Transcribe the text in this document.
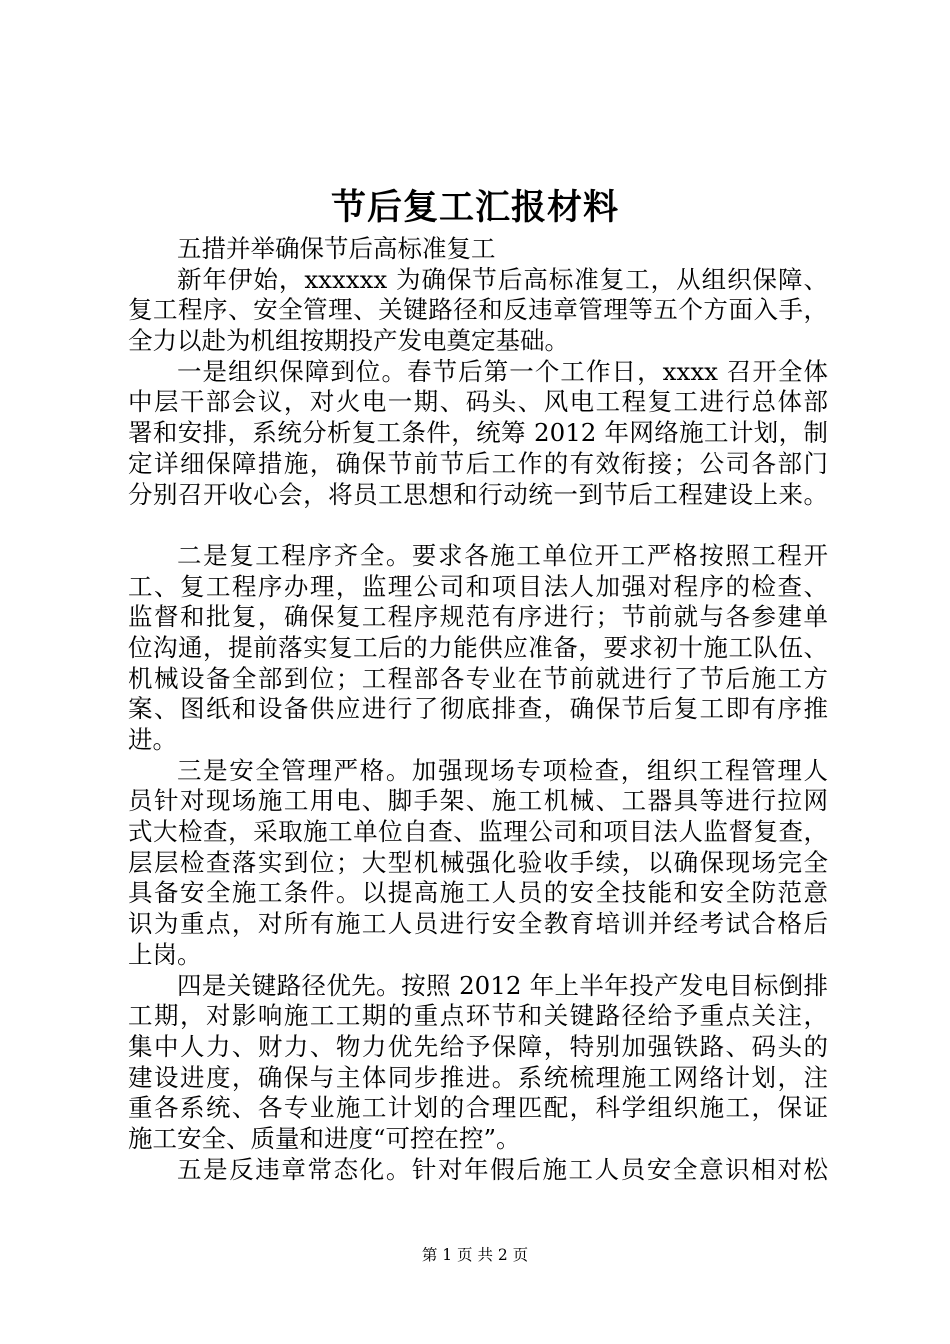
节后复工汇报材料
五措并举确保节后高标准复工
新年伊始，xxxxxx 为确保节后高标准复工，从组织保障、
复工程序、安全管理、关键路径和反违章管理等五个方面入手，
全力以赴为机组按期投产发电奠定基础。
一是组织保障到位。春节后第一个工作日，xxxx 召开全体
中层干部会议，对火电一期、码头、风电工程复工进行总体部
署和安排，系统分析复工条件，统筹 2012 年网络施工计划，制
定详细保障措施，确保节前节后工作的有效衔接；公司各部门
分别召开收心会，将员工思想和行动统一到节后工程建设上来。
二是复工程序齐全。要求各施工单位开工严格按照工程开
工、复工程序办理，监理公司和项目法人加强对程序的检查、
监督和批复，确保复工程序规范有序进行；节前就与各参建单
位沟通，提前落实复工后的力能供应准备，要求初十施工队伍、
机械设备全部到位；工程部各专业在节前就进行了节后施工方
案、图纸和设备供应进行了彻底排查，确保节后复工即有序推
进。
三是安全管理严格。加强现场专项检查，组织工程管理人
员针对现场施工用电、脚手架、施工机械、工器具等进行拉网
式大检查，采取施工单位自查、监理公司和项目法人监督复查，
层层检查落实到位；大型机械强化验收手续，以确保现场完全
具备安全施工条件。以提高施工人员的安全技能和安全防范意
识为重点，对所有施工人员进行安全教育培训并经考试合格后
上岗。
四是关键路径优先。按照 2012 年上半年投产发电目标倒排
工期，对影响施工工期的重点环节和关键路径给予重点关注，
集中人力、财力、物力优先给予保障，特别加强铁路、码头的
建设进度，确保与主体同步推进。系统梳理施工网络计划，注
重各系统、各专业施工计划的合理匹配，科学组织施工，保证
施工安全、质量和进度“可控在控”。
五是反违章常态化。针对年假后施工人员安全意识相对松
第 1 页 共 2 页
